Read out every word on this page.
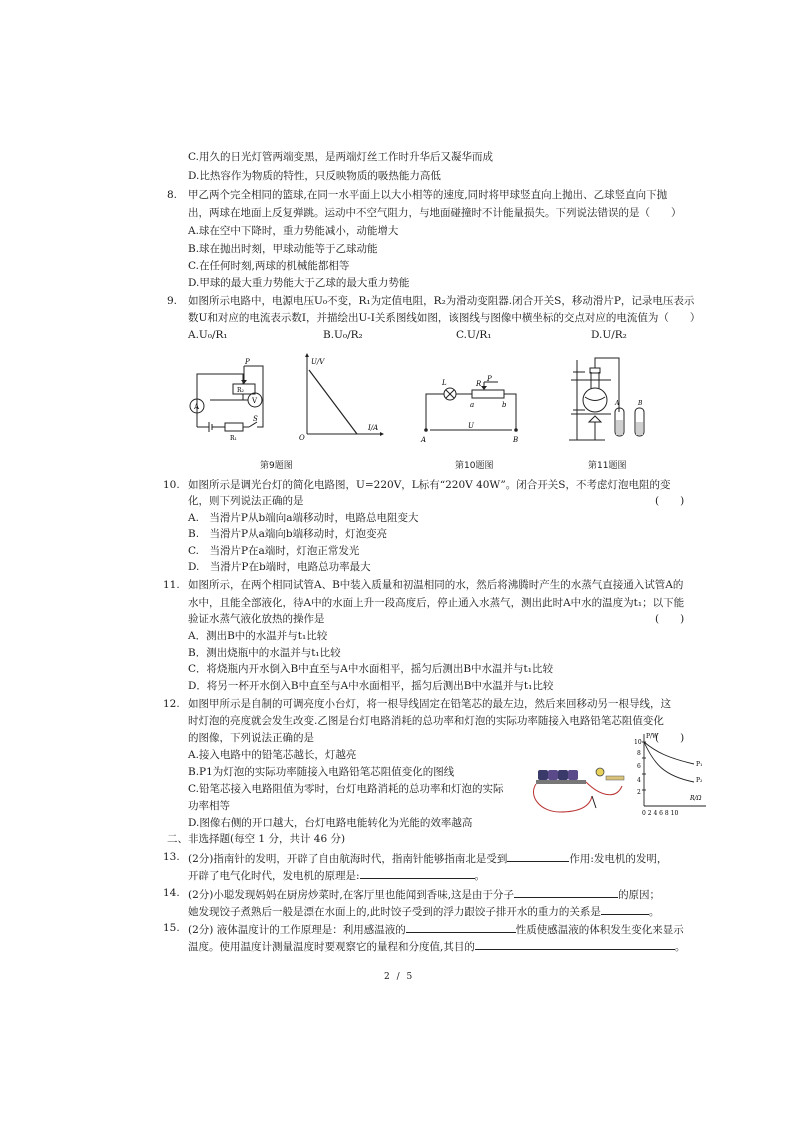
C.用久的日光灯管两端变黑，是两端灯丝工作时升华后又凝华而成
D.比热容作为物质的特性，只反映物质的吸热能力高低
8. 甲乙两个完全相同的篮球,在同一水平面上以大小相等的速度,同时将甲球竖直向上抛出、乙球竖直向下抛
出，两球在地面上反复弹跳。运动中不空气阻力，与地面碰撞时不计能量损失。下列说法错误的是（　　）
A.球在空中下降时，重力势能减小，动能增大
B.球在抛出时刻，甲球动能等于乙球动能
C.在任何时刻,两球的机械能都相等
D.甲球的最大重力势能大于乙球的最大重力势能
9. 如图所示电路中，电源电压U₀不变，R₁为定值电阻，R₂为滑动变阻器.闭合开关S，移动滑片P，记录电压表示
数U和对应的电流表示数I，并描绘出U-I关系图线如图，该图线与图像中横坐标的交点对应的电流值为（　　）
A.U₀/R₁	B.U₀/R₂	C.U/R₁	D.U/R₂
P
R₂
A
V
R₁
S
U/V
I/A
O
L	R
P
a	b
A
U
B
A	B
第9题图	第10题图	第11题图
10. 如图所示是调光台灯的简化电路图，U=220V，L标有“220V 40W”。闭合开关S，不考虑灯泡电阻的变
化，则下列说法正确的是	(　　)
A.　当滑片P从b端向a端移动时，电路总电阻变大
B.　当滑片P从a端向b端移动时，灯泡变亮
C.　当滑片P在a端时，灯泡正常发光
D.　当滑片P在b端时，电路总功率最大
11. 如图所示，在两个相同试管A、B中装入质量和初温相同的水，然后将沸腾时产生的水蒸气直接通入试管A的
水中，且能全部液化，待A中的水面上升一段高度后，停止通入水蒸气，测出此时A中水的温度为t₁；以下能
验证水蒸气液化放热的操作是	(　　)
A．测出B中的水温并与t₁比较
B．测出烧瓶中的水温并与t₁比较
C．将烧瓶内开水倒入B中直至与A中水面相平，摇匀后测出B中水温并与t₁比较
D．将另一杯开水倒入B中直至与A中水面相平，摇匀后测出B中水温并与t₁比较
12. 如图甲所示是自制的可调亮度小台灯，将一根导线固定在铅笔芯的最左边，然后来回移动另一根导线，这
时灯泡的亮度就会发生改变.乙图是台灯电路消耗的总功率和灯泡的实际功率随接入电路铅笔芯阻值变化
的图像，下列说法正确的是	(　　)
A.接入电路中的铅笔芯越长，灯越亮
B.P1为灯泡的实际功率随接入电路铅笔芯阻值变化的图线
C.铅笔芯接入电路阻值为零时，台灯电路消耗的总功率和灯泡的实际
功率相等
D.图像右侧的开口越大，台灯电路电能转化为光能的效率越高
P/W
10
8
6
4
2
P₁
P₂
R/Ω
0 2 4 6 8 10
二、非选择题(每空 1 分，共计 46 分)
13. (2分)指南针的发明，开辟了自由航海时代，指南针能够指南北是受到	作用:发电机的发明，
开辟了电气化时代，发电机的原理是:	。
14. (2分)小聪发现妈妈在厨房炒菜时,在客厅里也能闻到香味,这是由于分子	的原因；
她发现饺子煮熟后一般是漂在水面上的,此时饺子受到的浮力跟饺子排开水的重力的关系是	。
15. (2分) 液体温度计的工作原理是：利用感温液的	性质使感温液的体积发生变化来显示
温度。使用温度计测量温度时要观察它的量程和分度值,其目的	。
2 / 5
